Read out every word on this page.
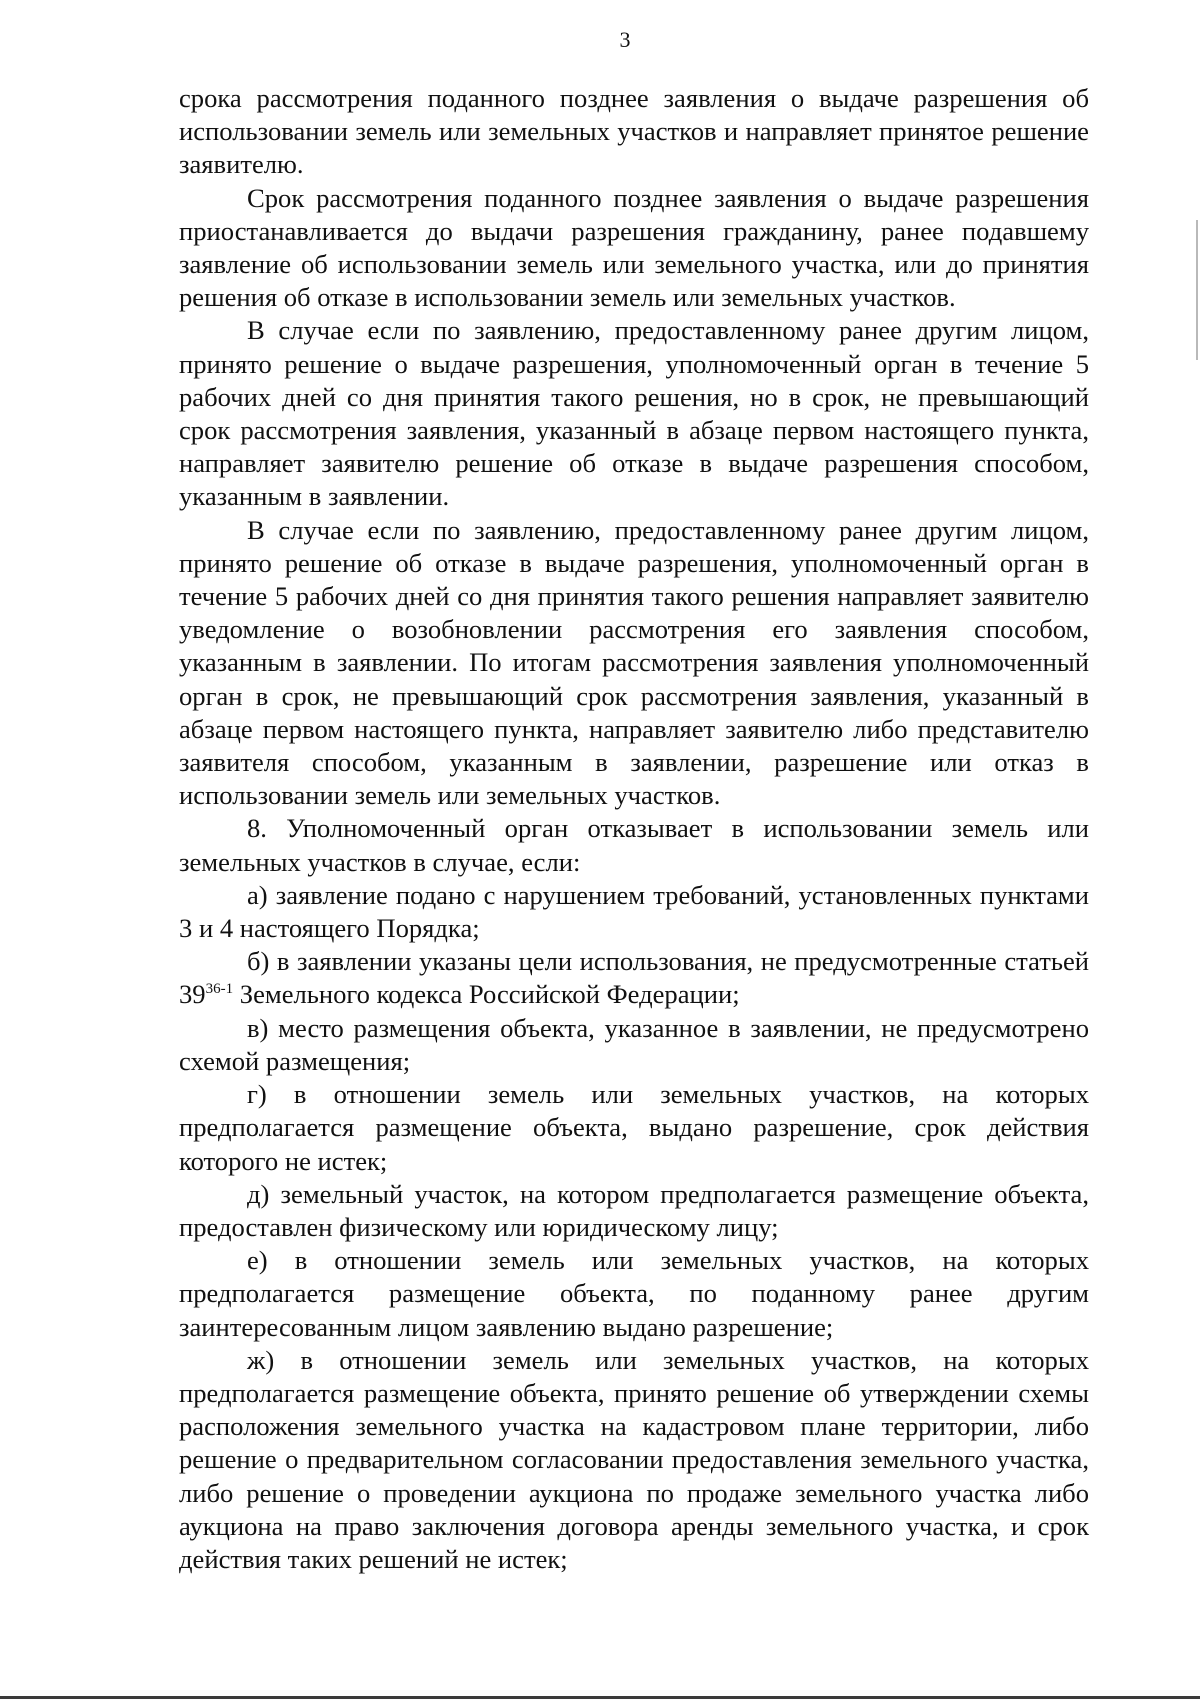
3

срока рассмотрения поданного позднее заявления о выдаче разрешения об использовании земель или земельных участков и направляет принятое решение заявителю.

Срок рассмотрения поданного позднее заявления о выдаче разрешения приостанавливается до выдачи разрешения гражданину, ранее подавшему заявление об использовании земель или земельного участка, или до принятия решения об отказе в использовании земель или земельных участков.

В случае если по заявлению, предоставленному ранее другим лицом, принято решение о выдаче разрешения, уполномоченный орган в течение 5 рабочих дней со дня принятия такого решения, но в срок, не превышающий срок рассмотрения заявления, указанный в абзаце первом настоящего пункта, направляет заявителю решение об отказе в выдаче разрешения способом, указанным в заявлении.

В случае если по заявлению, предоставленному ранее другим лицом, принято решение об отказе в выдаче разрешения, уполномоченный орган в течение 5 рабочих дней со дня принятия такого решения направляет заявителю уведомление о возобновлении рассмотрения его заявления способом, указанным в заявлении. По итогам рассмотрения заявления уполномоченный орган в срок, не превышающий срок рассмотрения заявления, указанный в абзаце первом настоящего пункта, направляет заявителю либо представителю заявителя способом, указанным в заявлении, разрешение или отказ в использовании земель или земельных участков.

8. Уполномоченный орган отказывает в использовании земель или земельных участков в случае, если:

а) заявление подано с нарушением требований, установленных пунктами 3 и 4 настоящего Порядка;

б) в заявлении указаны цели использования, не предусмотренные статьей 39$^{36-1}$ Земельного кодекса Российской Федерации;

в) место размещения объекта, указанное в заявлении, не предусмотрено схемой размещения;

г) в отношении земель или земельных участков, на которых предполагается размещение объекта, выдано разрешение, срок действия которого не истек;

д) земельный участок, на котором предполагается размещение объекта, предоставлен физическому или юридическому лицу;

е) в отношении земель или земельных участков, на которых предполагается размещение объекта, по поданному ранее другим заинтересованным лицом заявлению выдано разрешение;

ж) в отношении земель или земельных участков, на которых предполагается размещение объекта, принято решение об утверждении схемы расположения земельного участка на кадастровом плане территории, либо решение о предварительном согласовании предоставления земельного участка, либо решение о проведении аукциона по продаже земельного участка либо аукциона на право заключения договора аренды земельного участка, и срок действия таких решений не истек;
